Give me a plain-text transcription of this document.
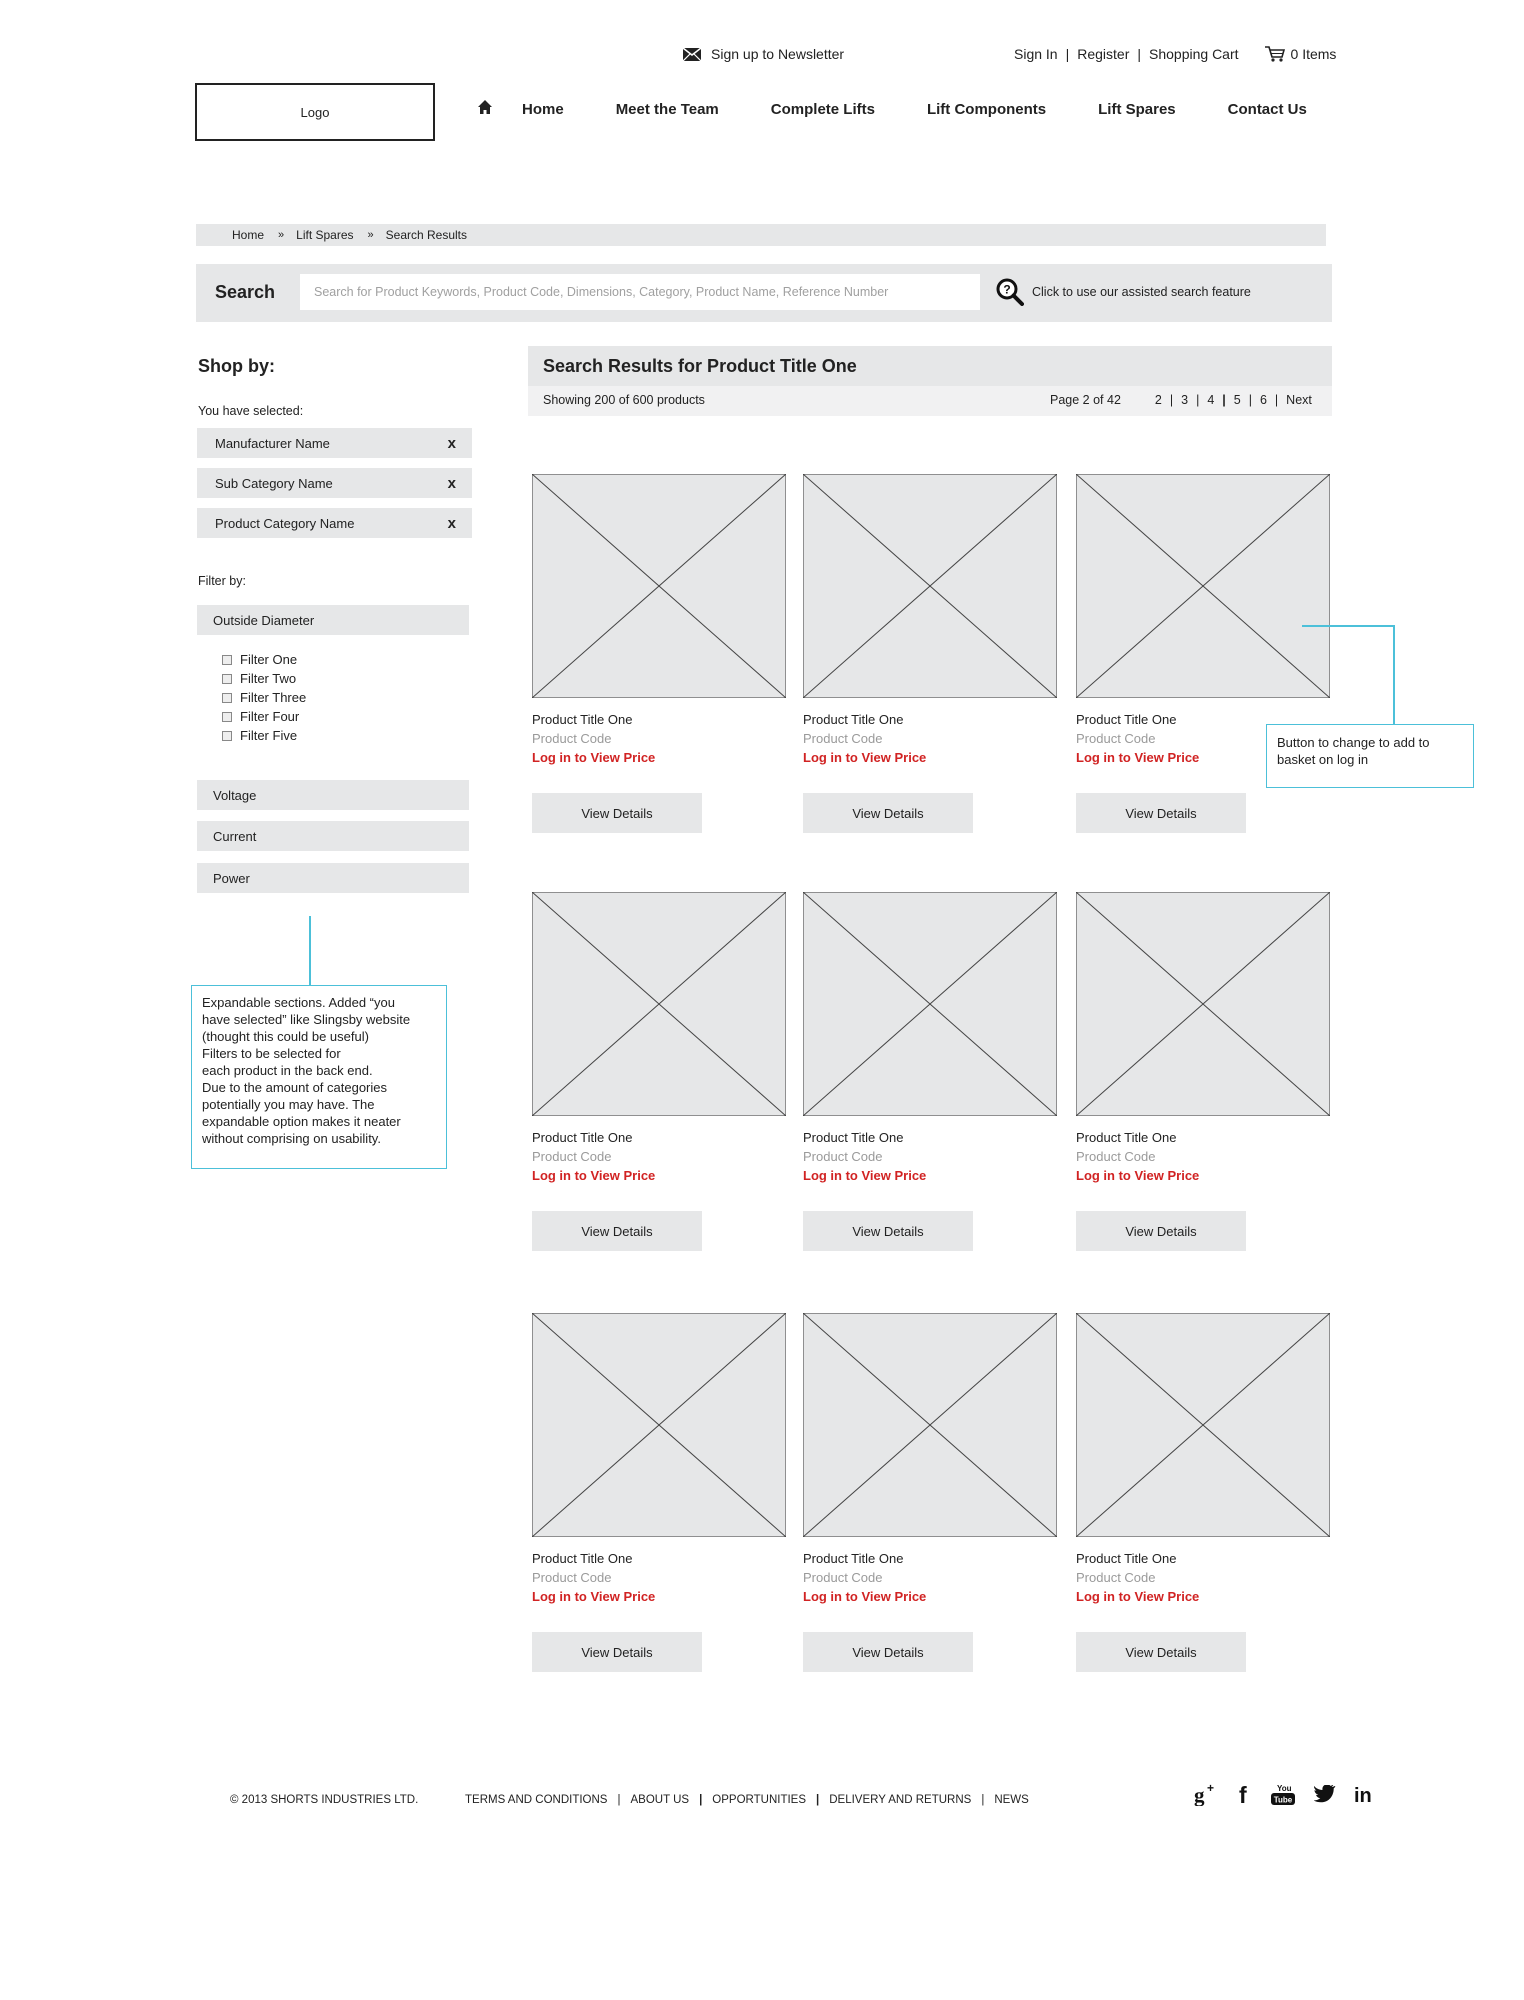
Sign up to Newsletter	Sign In | Register | Shopping Cart	0 Items
Logo	Home	Meet the Team	Complete Lifts	Lift Components	Lift Spares	Contact Us
Home » Lift Spares » Search Results
Search
Search for Product Keywords, Product Code, Dimensions, Category, Product Name, Reference Number	? Click to use our assisted search feature
Shop by:
You have selected:
Manufacturer Name	x
Sub Category Name	x
Product Category Name	x
Filter by:
Outside Diameter
Filter One
Filter Two
Filter Three
Filter Four
Filter Five
Voltage
Current
Power
Expandable sections. Added “you
have selected” like Slingsby website
(thought this could be useful)
Filters to be selected for
each product in the back end.
Due to the amount of categories
potentially you may have. The
expandable option makes it neater
without comprising on usability.
Search Results for Product Title One
Showing 200 of 600 products	Page 2 of 42	2 | 3 | 4 | 5 | 6 | Next
Product Title One
Product Code
Log in to View Price
View Details
Product Title One
Product Code
Log in to View Price
View Details
Product Title One
Product Code
Log in to View Price
View Details
Product Title One
Product Code
Log in to View Price
View Details
Product Title One
Product Code
Log in to View Price
View Details
Product Title One
Product Code
Log in to View Price
View Details
Product Title One
Product Code
Log in to View Price
View Details
Product Title One
Product Code
Log in to View Price
View Details
Product Title One
Product Code
Log in to View Price
View Details
Button to change to add to
basket on log in
© 2013 SHORTS INDUSTRIES LTD.	TERMS AND CONDITIONS | ABOUT US | OPPORTUNITIES | DELIVERY AND RETURNS | NEWS	g + f	You
Tube	in
